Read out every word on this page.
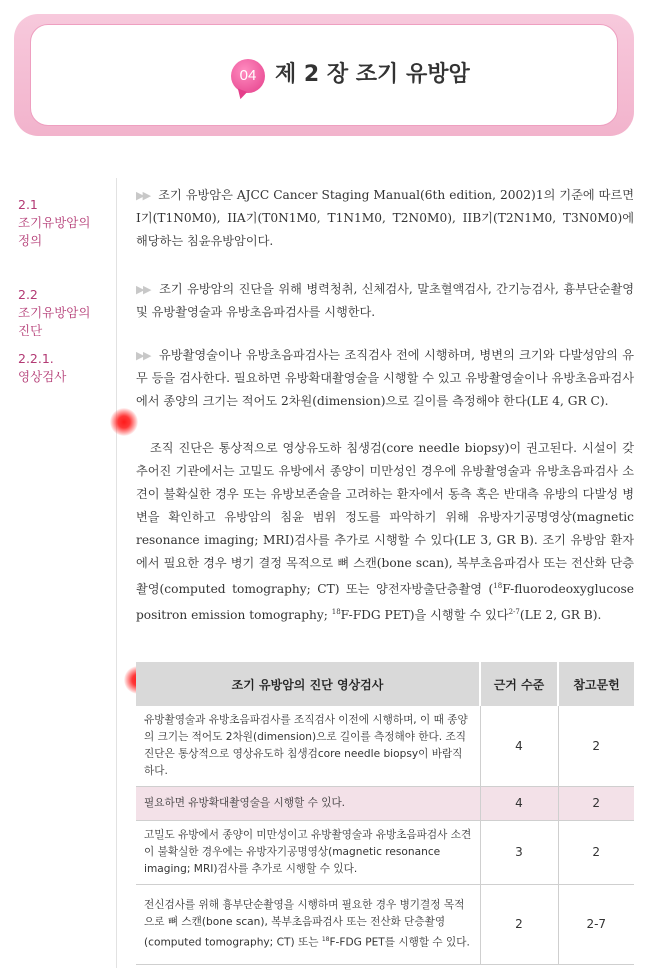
04 제 2 장 조기 유방암
2.1
조기유방암의
정의
2.2
조기유방암의
진단
2.2.1.
영상검사
▶▶ 조기 유방암은 AJCC Cancer Staging Manual(6th edition, 2002)1의 기준에 따르면 I기(T1N0M0), IIA기(T0N1M0, T1N1M0, T2N0M0), IIB기(T2N1M0, T3N0M0)에 해당하는 침윤유방암이다.
▶▶ 조기 유방암의 진단을 위해 병력청취, 신체검사, 말초혈액검사, 간기능검사, 흉부단순촬영 및 유방촬영술과 유방초음파검사를 시행한다.
▶▶ 유방촬영술이나 유방초음파검사는 조직검사 전에 시행하며, 병변의 크기와 다발성암의 유무 등을 검사한다. 필요하면 유방확대촬영술을 시행할 수 있고 유방촬영술이나 유방초음파검사에서 종양의 크기는 적어도 2차원(dimension)으로 길이를 측정해야 한다(LE 4, GR C).
조직 진단은 통상적으로 영상유도하 침생검(core needle biopsy)이 권고된다. 시설이 갖추어진 기관에서는 고밀도 유방에서 종양이 미만성인 경우에 유방촬영술과 유방초음파검사 소견이 불확실한 경우 또는 유방보존술을 고려하는 환자에서 동측 혹은 반대측 유방의 다발성 병변을 확인하고 유방암의 침윤 범위 정도를 파악하기 위해 유방자기공명영상(magnetic resonance imaging; MRI)검사를 추가로 시행할 수 있다(LE 3, GR B). 조기 유방암 환자에서 필요한 경우 병기 결정 목적으로 뼈 스캔(bone scan), 복부초음파검사 또는 전산화 단층촬영(computed tomography; CT) 또는 양전자방출단층촬영 ($^{18}$F-fluorodeoxyglucose positron emission tomography; $^{18}$F-FDG PET)을 시행할 수 있다$^{2-7}$(LE 2, GR B).
조기 유방암의 진단 영상검사	근거 수준	참고문헌
유방촬영술과 유방초음파검사를 조직검사 이전에 시행하며, 이 때 종양의 크기는 적어도 2차원(dimension)으로 길이를 측정해야 한다. 조직 진단은 통상적으로 영상유도하 침생검core needle biopsy이 바람직하다.	4	2
필요하면 유방확대촬영술을 시행할 수 있다.	4	2
고밀도 유방에서 종양이 미만성이고 유방촬영술과 유방초음파검사 소견이 불확실한 경우에는 유방자기공명영상(magnetic resonance imaging; MRI)검사를 추가로 시행할 수 있다.	3	2
전신검사를 위해 흉부단순촬영을 시행하며 필요한 경우 병기결정 목적으로 뼈 스캔(bone scan), 복부초음파검사 또는 전산화 단층촬영(computed tomography; CT) 또는 $^{18}$F-FDG PET를 시행할 수 있다.	2	2-7
